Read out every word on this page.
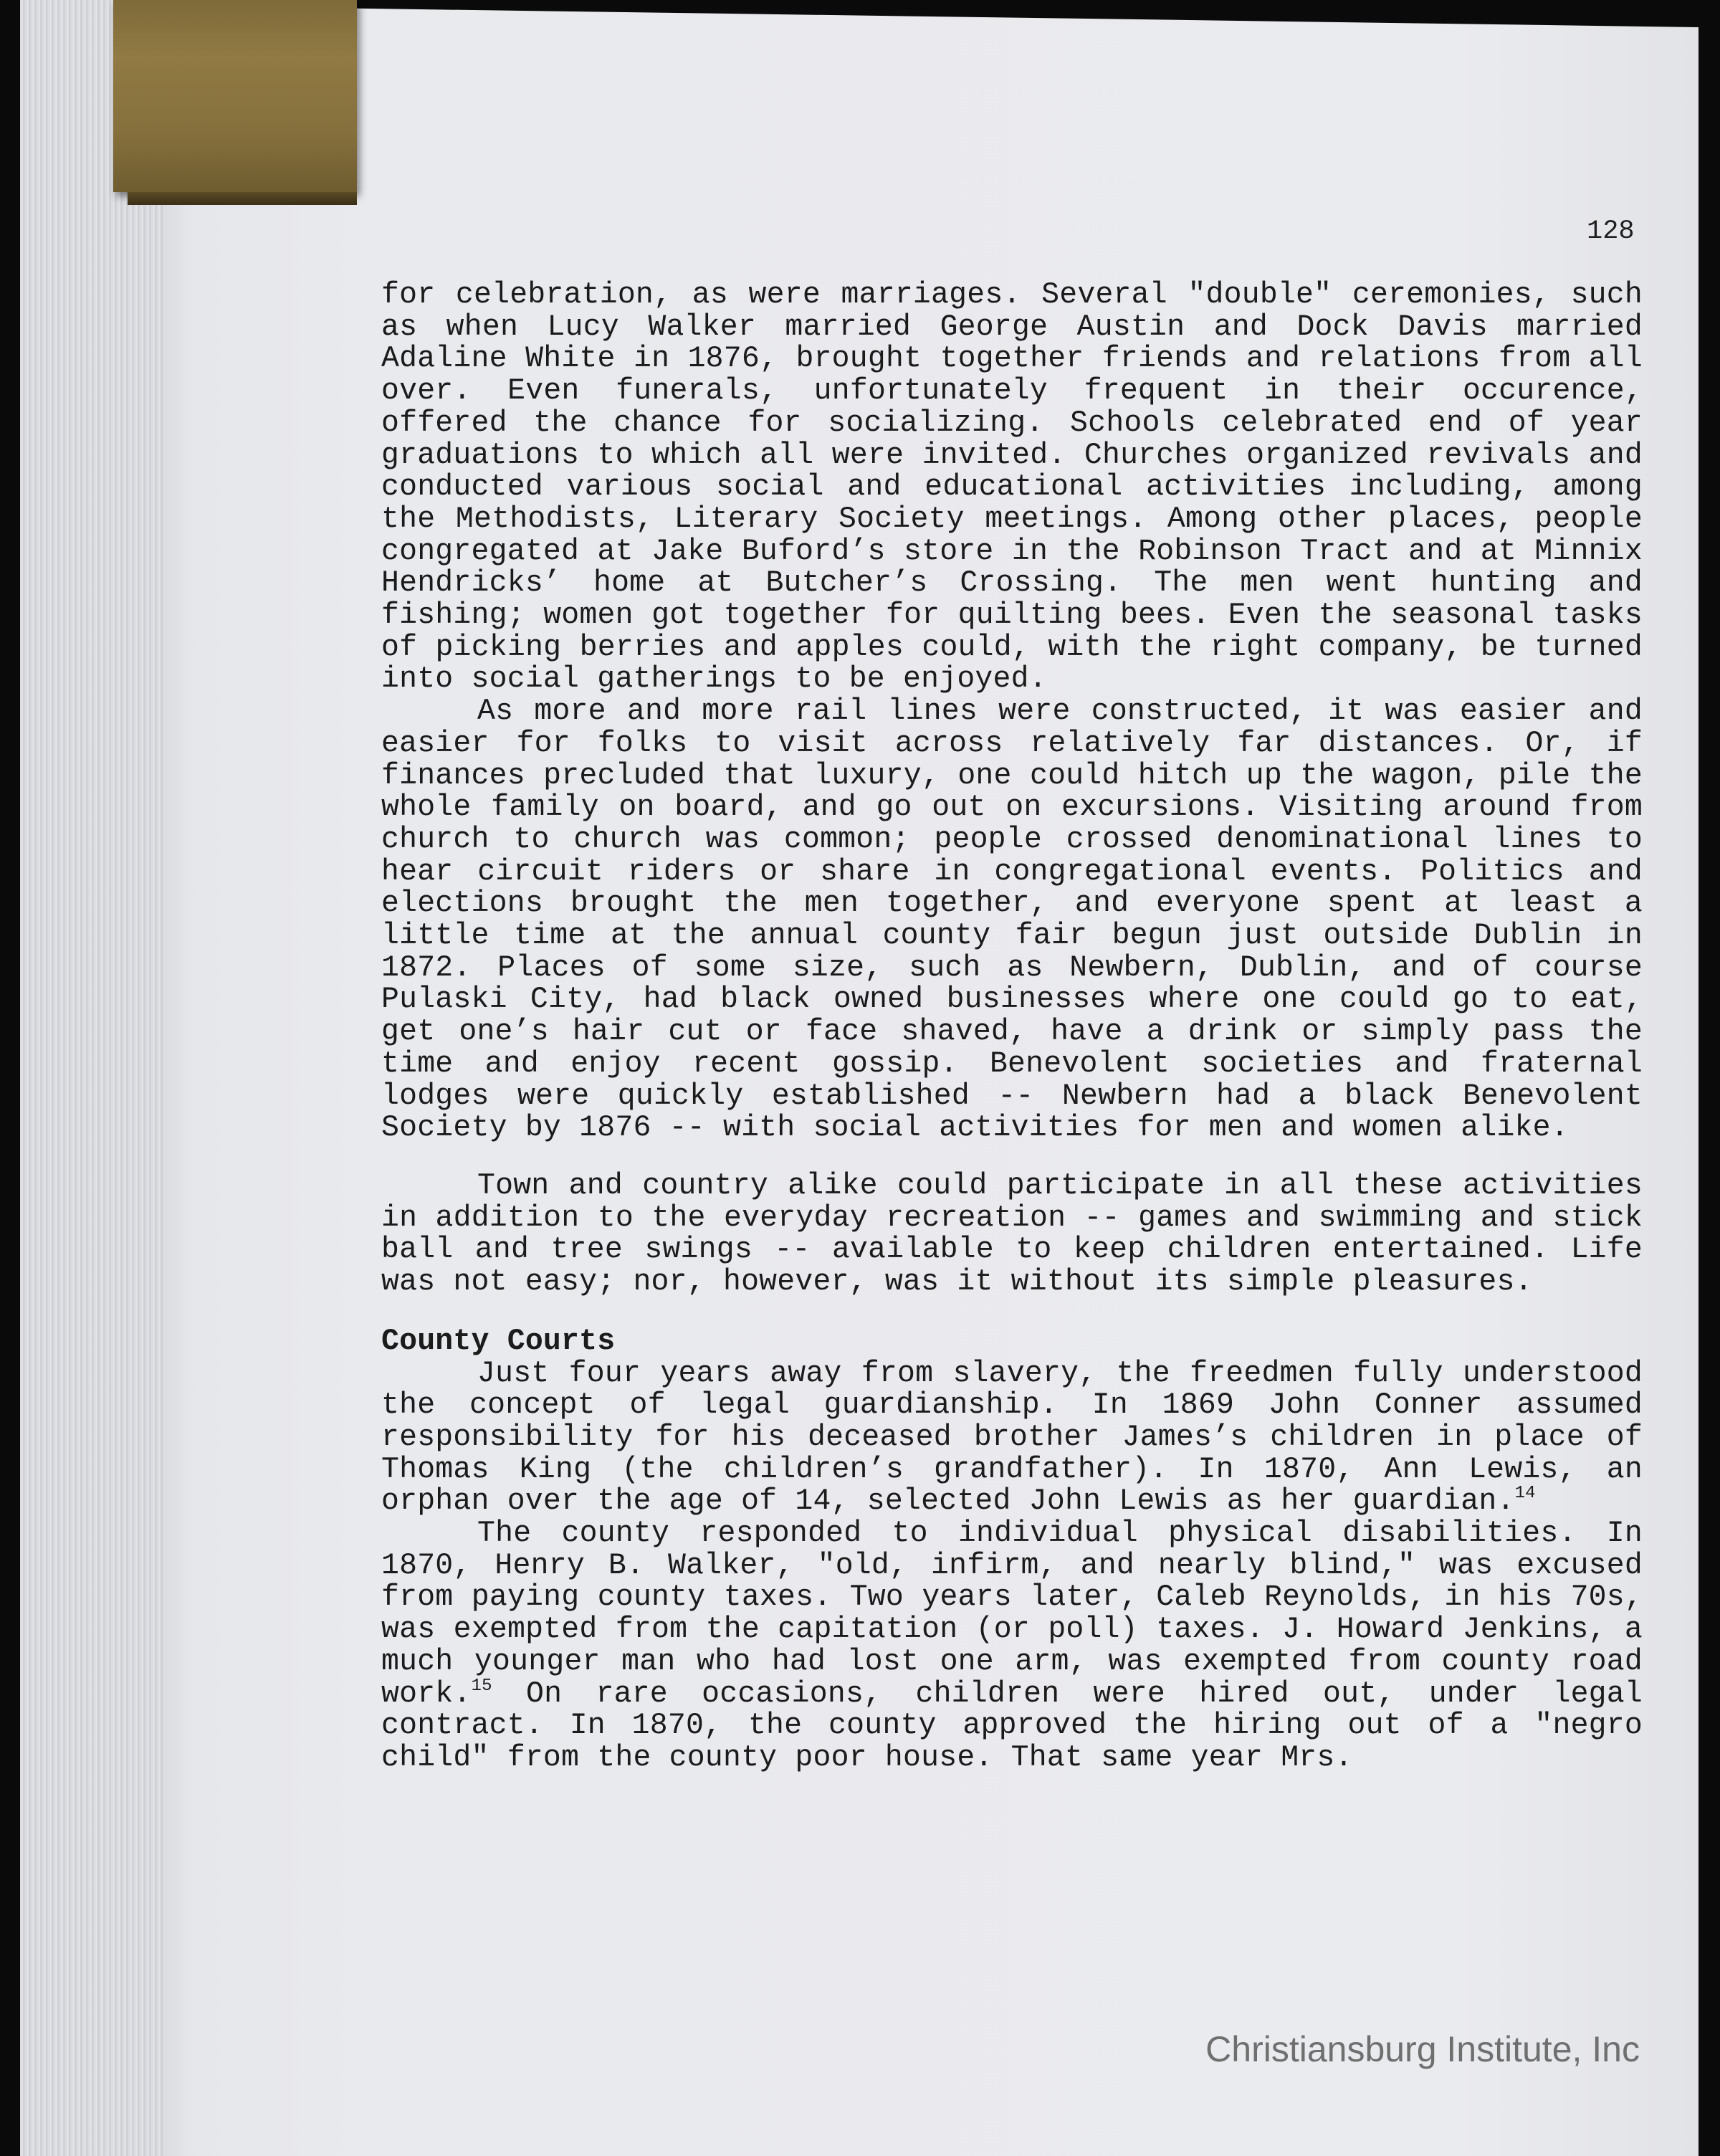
128

for celebration, as were marriages. Several "double" ceremonies, such as when Lucy Walker married George Austin and Dock Davis married Adaline White in 1876, brought together friends and relations from all over. Even funerals, unfortunately frequent in their occurence, offered the chance for socializing. Schools celebrated end of year graduations to which all were invited. Churches organized revivals and conducted various social and educational activities including, among the Methodists, Literary Society meetings. Among other places, people congregated at Jake Buford’s store in the Robinson Tract and at Minnix Hendricks’ home at Butcher’s Crossing. The men went hunting and fishing; women got together for quilting bees. Even the seasonal tasks of picking berries and apples could, with the right company, be turned into social gatherings to be enjoyed.

As more and more rail lines were constructed, it was easier and easier for folks to visit across relatively far distances. Or, if finances precluded that luxury, one could hitch up the wagon, pile the whole family on board, and go out on excursions. Visiting around from church to church was common; people crossed denominational lines to hear circuit riders or share in congregational events. Politics and elections brought the men together, and everyone spent at least a little time at the annual county fair begun just outside Dublin in 1872. Places of some size, such as Newbern, Dublin, and of course Pulaski City, had black owned businesses where one could go to eat, get one’s hair cut or face shaved, have a drink or simply pass the time and enjoy recent gossip. Benevolent societies and fraternal lodges were quickly established -- Newbern had a black Benevolent Society by 1876 -- with social activities for men and women alike.

Town and country alike could participate in all these activities in addition to the everyday recreation -- games and swimming and stick ball and tree swings -- available to keep children entertained. Life was not easy; nor, however, was it without its simple pleasures.

County Courts

Just four years away from slavery, the freedmen fully understood the concept of legal guardianship. In 1869 John Conner assumed responsibility for his deceased brother James’s children in place of Thomas King (the children’s grandfather). In 1870, Ann Lewis, an orphan over the age of 14, selected John Lewis as her guardian.$^{14}$

The county responded to individual physical disabilities. In 1870, Henry B. Walker, "old, infirm, and nearly blind," was excused from paying county taxes. Two years later, Caleb Reynolds, in his 70s, was exempted from the capitation (or poll) taxes. J. Howard Jenkins, a much younger man who had lost one arm, was exempted from county road work.$^{15}$ On rare occasions, children were hired out, under legal contract. In 1870, the county approved the hiring out of a "negro child" from the county poor house. That same year Mrs.

Christiansburg Institute, Inc
